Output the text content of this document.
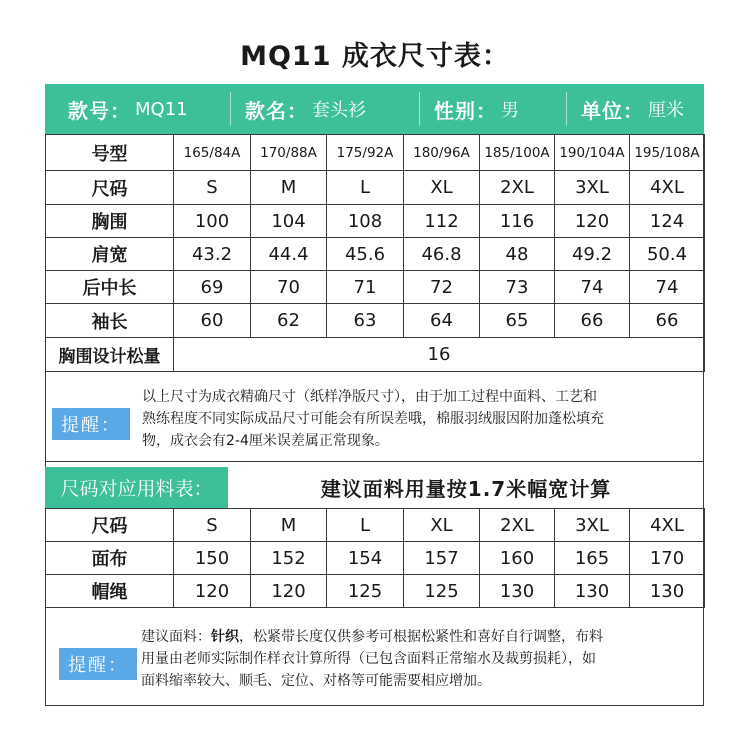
MQ11 成衣尺寸表：
款号： MQ11	款名： 套头衫	性别： 男	单位： 厘米
号型	165/84A	170/88A	175/92A	180/96A	185/100A	190/104A	195/108A
尺码	S	M	L	XL	2XL	3XL	4XL
胸围	100	104	108	112	116	120	124
肩宽	43.2	44.4	45.6	46.8	48	49.2	50.4
后中长	69	70	71	72	73	74	74
袖长	60	62	63	64	65	66	66
胸围设计松量	16						
提醒：
以上尺寸为成衣精确尺寸（纸样净版尺寸），由于加工过程中面料、工艺和
熟练程度不同实际成品尺寸可能会有所误差哦，棉服羽绒服因附加蓬松填充
物，成衣会有2-4厘米误差属正常现象。
尺码对应用料表：	建议面料用量按1.7米幅宽计算
尺码	S	M	L	XL	2XL	3XL	4XL
面布	150	152	154	157	160	165	170
帽绳	120	120	125	125	130	130	130
提醒：
建议面料：针织，松紧带长度仅供参考可根据松紧性和喜好自行调整，布料
用量由老师实际制作样衣计算所得（已包含面料正常缩水及裁剪损耗），如
面料缩率较大、顺毛、定位、对格等可能需要相应增加。
